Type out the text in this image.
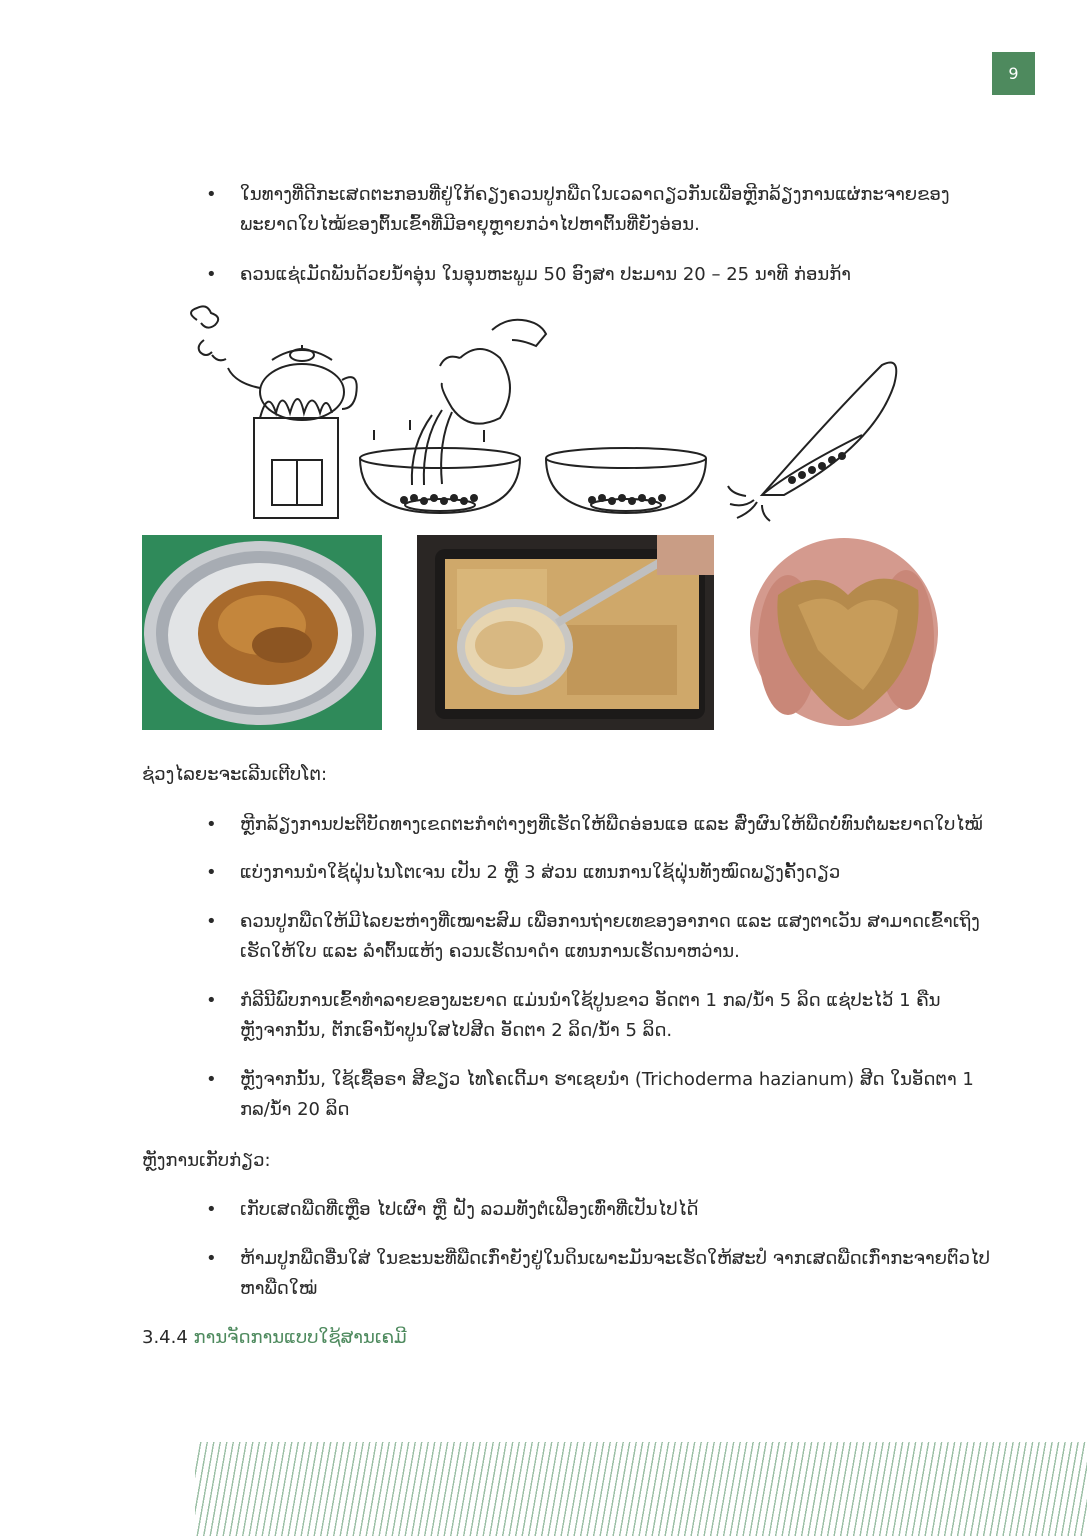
9
• ໃນທາງທີ່ດີກະເສດຕະກອນທີ່ຢູ່ໃກ້ຄຽງຄວນປູກພືດໃນເວລາດຽວກັນເພື່ອຫຼີກລ້ຽງການແຜ່ກະຈາຍຂອງ ພະຍາດໃບໄໝ້ຂອງຕົ້ນເຂົ້າທີ່ມີອາຍຸຫຼາຍກວ່າໄປຫາຕົ້ນທີ່ຍັງອ່ອນ.
• ຄວນແຊ່ເມັດພັນດ້ວຍນ້ຳອຸ່ນ ໃນອຸນຫະພູມ 50 ອົງສາ ປະມານ 20 – 25 ນາທີ ກ່ອນກ້າ
ຊ່ວງໄລຍະຈະເລີນເຕີບໂຕ:
• ຫຼີກລ້ຽງການປະຕິບັດທາງເຂດຕະກຳຕ່າງໆທີ່ເຮັດໃຫ້ພືດອ່ອນແອ ແລະ ສົ່ງຜົນໃຫ້ພືດບໍ່ທົນຕໍ່ພະຍາດໃບໄໝ້
• ແບ່ງການນຳໃຊ້ຝຸ່ນໄນໂຕເຈນ ເປັນ 2 ຫຼື 3 ສ່ວນ ແທນການໃຊ້ຝຸ່ນທັງໝົດພຽງຄັ້ງດຽວ
• ຄວນປູກພືດໃຫ້ມີໄລຍະຫ່າງທີ່ເໝາະສົມ ເພື່ອການຖ່າຍເທຂອງອາກາດ ແລະ ແສງຕາເວັນ ສາມາດເຂົ້າເຖິງ ເຮັດໃຫ້ໃບ ແລະ ລຳຕົ້ນແຫ້ງ ຄວນເຮັດນາດຳ ແທນການເຮັດນາຫວ່ານ.
• ກໍລີນີພົບການເຂົ້າທຳລາຍຂອງພະຍາດ ແມ່ນນຳໃຊ້ປູນຂາວ ອັດຕາ 1 ກລ/ນ້ຳ 5 ລິດ ແຊ່ປະໄວ້ 1 ຄືນ ຫຼັງຈາກນັ້ນ, ຕັກເອົານ້ຳປູນໃສໄປສີດ ອັດຕາ 2 ລິດ/ນ້ຳ 5 ລິດ.
• ຫຼັງຈາກນັ້ນ, ໃຊ້ເຊື້ອຣາ ສີຂຽວ ໄທໂຄເດີ້ມາ ຮາເຊຍນຳ (Trichoderma hazianum) ສີດ ໃນອັດຕາ 1 ກລ/ນ້ຳ 20 ລິດ
ຫຼັງການເກັບກ່ຽວ:
• ເກັບເສດພືດທີ່ເຫຼືອ ໄປເຜົາ ຫຼື ຝັງ ລວມທັງຕໍເຟືອງເທົ່າທີ່ເປັນໄປໄດ້
• ຫ້າມປູກພືດອື່ນໃສ່ ໃນຂະນະທີ່ພືດເກົ່າຍັງຢູ່ໃນດິນເພາະມັນຈະເຮັດໃຫ້ສະປໍ ຈາກເສດພືດເກົ່າກະຈາຍຕົວໄປ ຫາພືດໃໝ່
3.4.4 ການຈັດການແບບໃຊ້ສານເຄມີ
